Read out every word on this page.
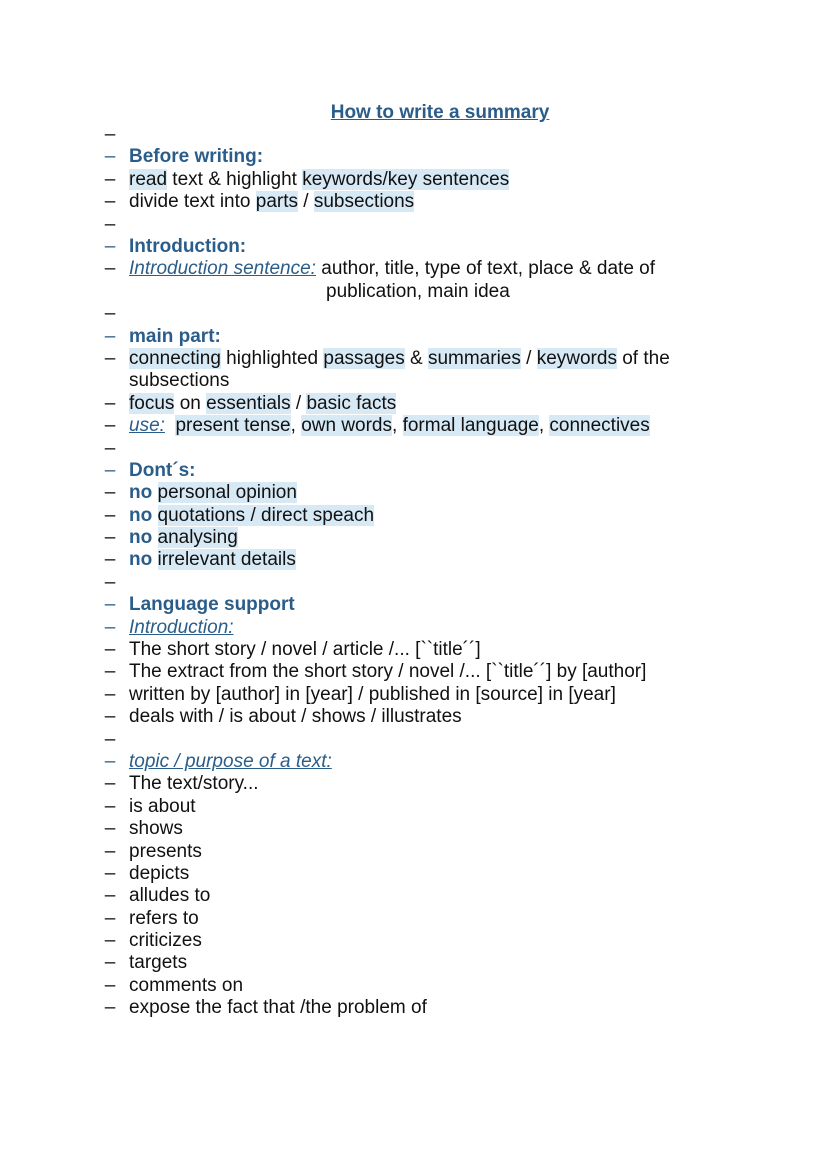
How to write a summary
–
– Before writing:
– read text & highlight keywords/key sentences
– divide text into parts / subsections
–
– Introduction:
– Introduction sentence: author, title, type of text, place & date of
publication, main idea
–
– main part:
– connecting highlighted passages & summaries / keywords of the
subsections
– focus on essentials / basic facts
– use: present tense, own words, formal language, connectives
–
– Dont´s:
– no personal opinion
– no quotations / direct speach
– no analysing
– no irrelevant details
–
– Language support
– Introduction:
– The short story / novel / article /... [``title´´]
– The extract from the short story / novel /... [``title´´] by [author]
– written by [author] in [year] / published in [source] in [year]
– deals with / is about / shows / illustrates
–
– topic / purpose of a text:
– The text/story...
– is about
– shows
– presents
– depicts
– alludes to
– refers to
– criticizes
– targets
– comments on
– expose the fact that /the problem of
